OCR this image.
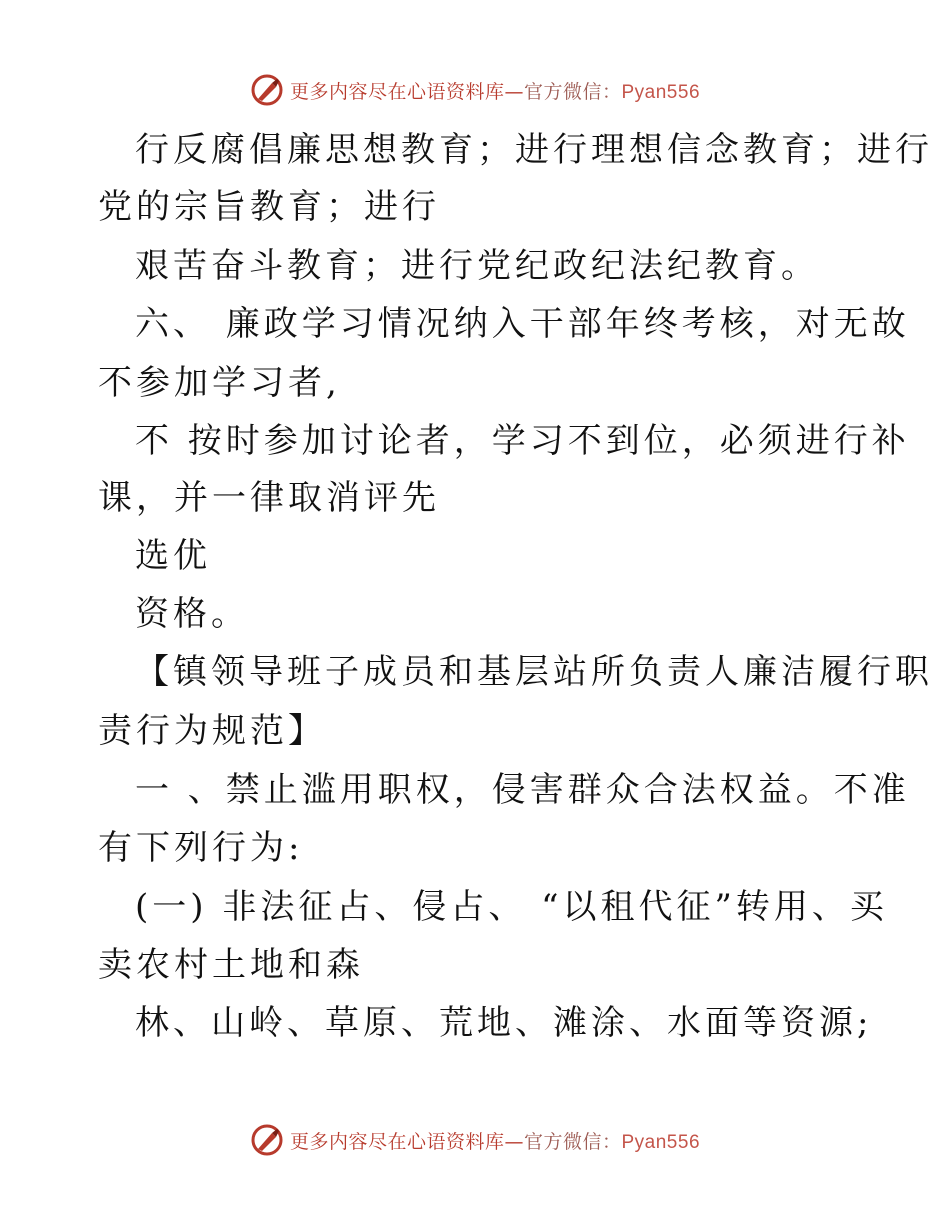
更多内容尽在心语资料库—官方微信：Pyan556
行反腐倡廉思想教育；进行理想信念教育；进行
党的宗旨教育；进行
艰苦奋斗教育；进行党纪政纪法纪教育。
六、 廉政学习情况纳入干部年终考核，对无故
不参加学习者,
不 按时参加讨论者，学习不到位，必须进行补
课，并一律取消评先
选优
资格。
【镇领导班子成员和基层站所负责人廉洁履行职
责行为规范】
一 、禁止滥用职权，侵害群众合法权益。不准
有下列行为:
(一) 非法征占、侵占、 “以租代征”转用、买
卖农村土地和森
林、山岭、草原、荒地、滩涂、水面等资源;
更多内容尽在心语资料库—官方微信：Pyan556
